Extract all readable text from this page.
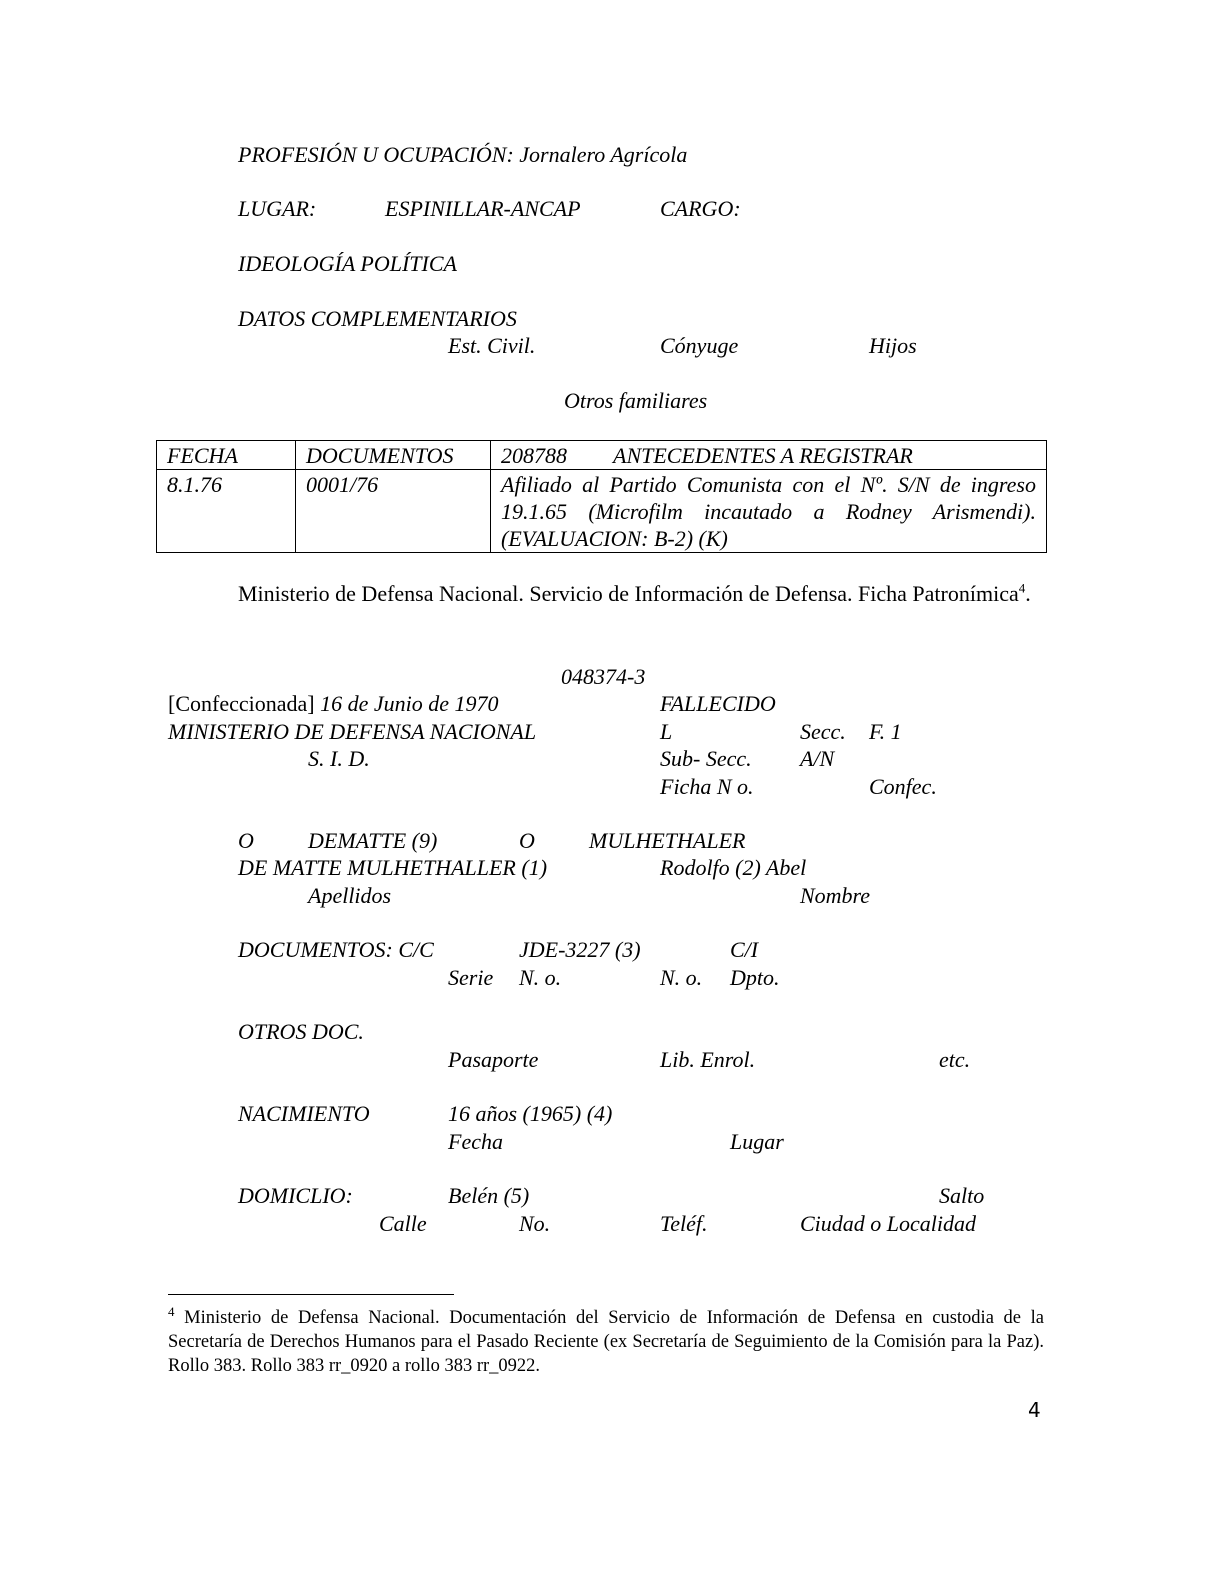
PROFESIÓN U OCUPACIÓN: Jornalero Agrícola
LUGAR:	ESPINILLAR-ANCAP	CARGO:
IDEOLOGÍA POLÍTICA
DATOS COMPLEMENTARIOS
Est. Civil.	Cónyuge	Hijos
Otros familiares
FECHA	DOCUMENTOS	208788 ANTECEDENTES A REGISTRAR
8.1.76	0001/76	Afiliado al Partido Comunista con el Nº. S/N de ingreso
19.1.65 (Microfilm incautado a Rodney Arismendi).
(EVALUACION: B-2) (K)
Ministerio de Defensa Nacional. Servicio de Información de Defensa. Ficha Patronímica$^4$.
048374-3
[Confeccionada] 16 de Junio de 1970	FALLECIDO
MINISTERIO DE DEFENSA NACIONAL	L	Secc. F. 1
S. I. D.	Sub- Secc. A/N
Ficha N o.	Confec.
O DEMATTE (9)	O MULHETHALER
DE MATTE MULHETHALLER (1)	Rodolfo (2) Abel
Apellidos	Nombre
DOCUMENTOS: C/C	JDE-3227 (3)	C/I
Serie N. o.	N. o. Dpto.
OTROS DOC.
Pasaporte	Lib. Enrol.	etc.
NACIMIENTO	16 años (1965) (4)
Fecha	Lugar
DOMICLIO:	Belén (5)	Salto
Calle	No.	Teléf.	Ciudad o Localidad
$^4$ Ministerio de Defensa Nacional. Documentación del Servicio de Información de Defensa en custodia de la Secretaría de Derechos Humanos para el Pasado Reciente (ex Secretaría de Seguimiento de la Comisión para la Paz). Rollo 383. Rollo 383 rr_0920 a rollo 383 rr_0922.
4
